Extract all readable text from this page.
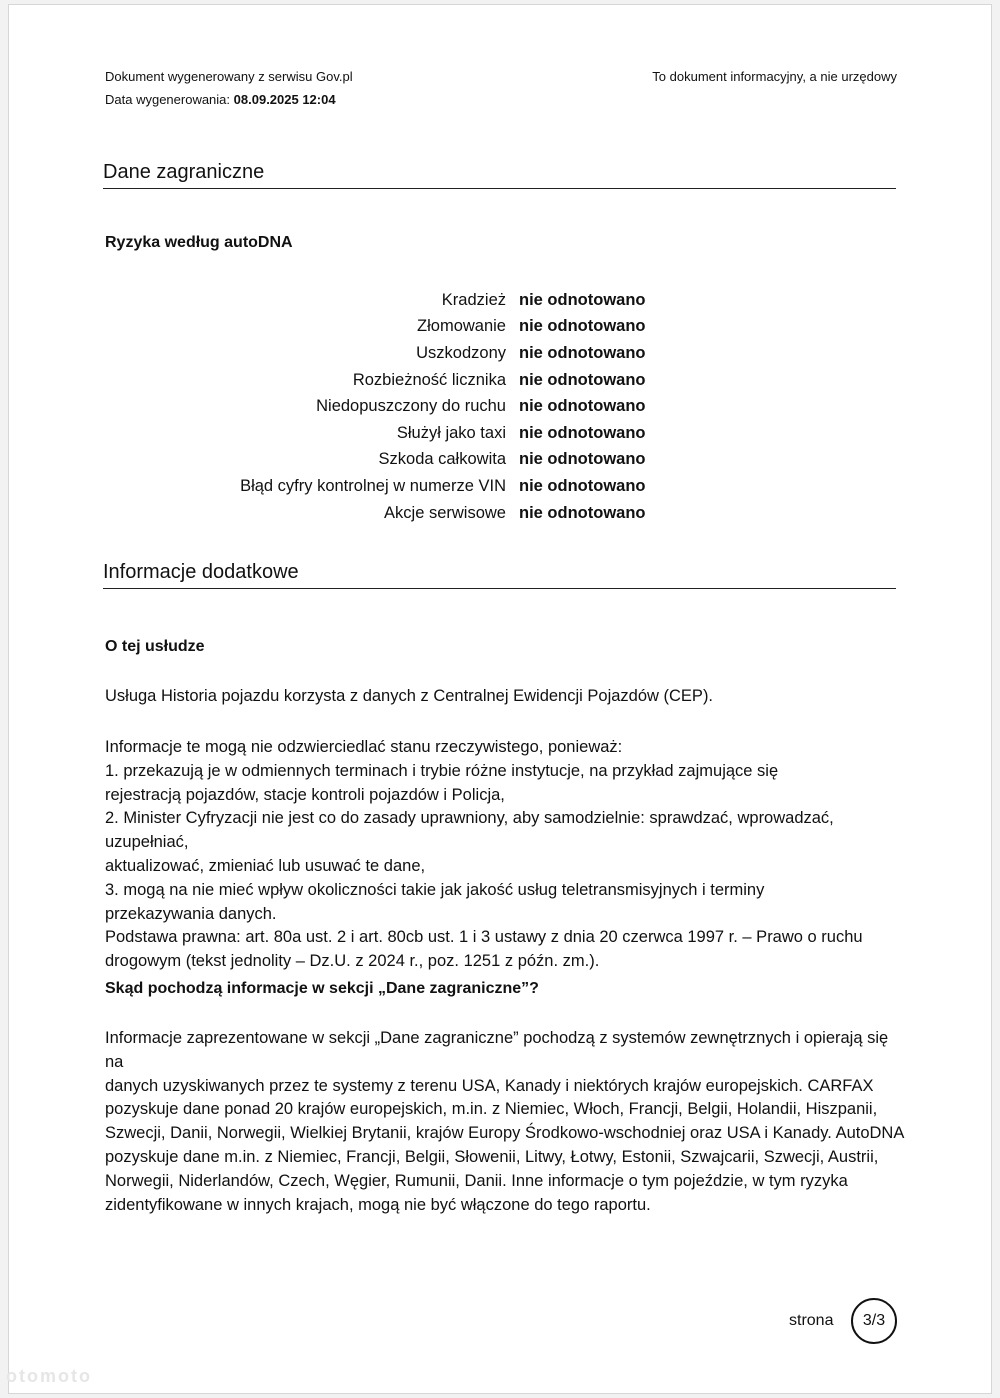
Dokument wygenerowany z serwisu Gov.pl
Data wygenerowania: 08.09.2025 12:04
To dokument informacyjny, a nie urzędowy
Dane zagraniczne
Ryzyka według autoDNA
Kradzież nie odnotowano
Złomowanie nie odnotowano
Uszkodzony nie odnotowano
Rozbieżność licznika nie odnotowano
Niedopuszczony do ruchu nie odnotowano
Służył jako taxi nie odnotowano
Szkoda całkowita nie odnotowano
Błąd cyfry kontrolnej w numerze VIN nie odnotowano
Akcje serwisowe nie odnotowano
Informacje dodatkowe
O tej usłudze
Usługa Historia pojazdu korzysta z danych z Centralnej Ewidencji Pojazdów (CEP).
Informacje te mogą nie odzwierciedlać stanu rzeczywistego, ponieważ:
1. przekazują je w odmiennych terminach i trybie różne instytucje, na przykład zajmujące się
rejestracją pojazdów, stacje kontroli pojazdów i Policja,
2. Minister Cyfryzacji nie jest co do zasady uprawniony, aby samodzielnie: sprawdzać, wprowadzać, uzupełniać,
aktualizować, zmieniać lub usuwać te dane,
3. mogą na nie mieć wpływ okoliczności takie jak jakość usług teletransmisyjnych i terminy
przekazywania danych.
Podstawa prawna: art. 80a ust. 2 i art. 80cb ust. 1 i 3 ustawy z dnia 20 czerwca 1997 r. – Prawo o ruchu
drogowym (tekst jednolity – Dz.U. z 2024 r., poz. 1251 z późn. zm.).
Skąd pochodzą informacje w sekcji „Dane zagraniczne”?
Informacje zaprezentowane w sekcji „Dane zagraniczne” pochodzą z systemów zewnętrznych i opierają się na
danych uzyskiwanych przez te systemy z terenu USA, Kanady i niektórych krajów europejskich. CARFAX
pozyskuje dane ponad 20 krajów europejskich, m.in. z Niemiec, Włoch, Francji, Belgii, Holandii, Hiszpanii,
Szwecji, Danii, Norwegii, Wielkiej Brytanii, krajów Europy Środkowo-wschodniej oraz USA i Kanady. AutoDNA
pozyskuje dane m.in. z Niemiec, Francji, Belgii, Słowenii, Litwy, Łotwy, Estonii, Szwajcarii, Szwecji, Austrii,
Norwegii, Niderlandów, Czech, Węgier, Rumunii, Danii. Inne informacje o tym pojeździe, w tym ryzyka
zidentyfikowane w innych krajach, mogą nie być włączone do tego raportu.
strona 3/3
otomoto
